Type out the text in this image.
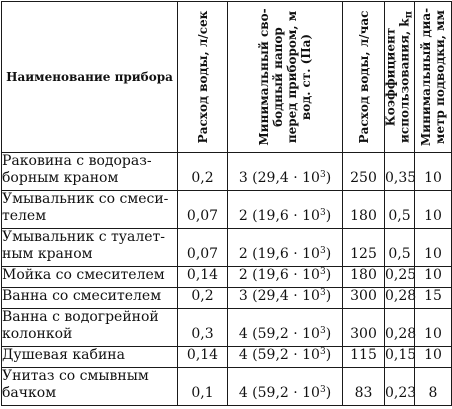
Наименование прибора	Расход воды, л/сек	Минимальный сво-бодный напор перед прибором, м вод. ст. (Па)	Расход воды, л/час	Коэффициент использования, $k_п$	Минимальный диа-метр подводки, мм

Раковина с водораз-борным краном	0,2	3 $(29,4 \cdot 10^3)$	250	0,35	10
Умывальник со смеси-телем	0,07	2 $(19,6 \cdot 10^3)$	180	0,5	10
Умывальник с туалет-ным краном	0,07	2 $(19,6 \cdot 10^3)$	125	0,5	10
Мойка со смесителем	0,14	2 $(19,6 \cdot 10^3)$	180	0,25	10
Ванна со смесителем	0,2	3 $(29,4 \cdot 10^3)$	300	0,28	15
Ванна с водогрейной колонкой	0,3	4 $(59,2 \cdot 10^3)$	300	0,28	10
Душевая кабина	0,14	4 $(59,2 \cdot 10^3)$	115	0,15	10
Унитаз со смывным бачком	0,1	4 $(59,2 \cdot 10^3)$	83	0,23	8
